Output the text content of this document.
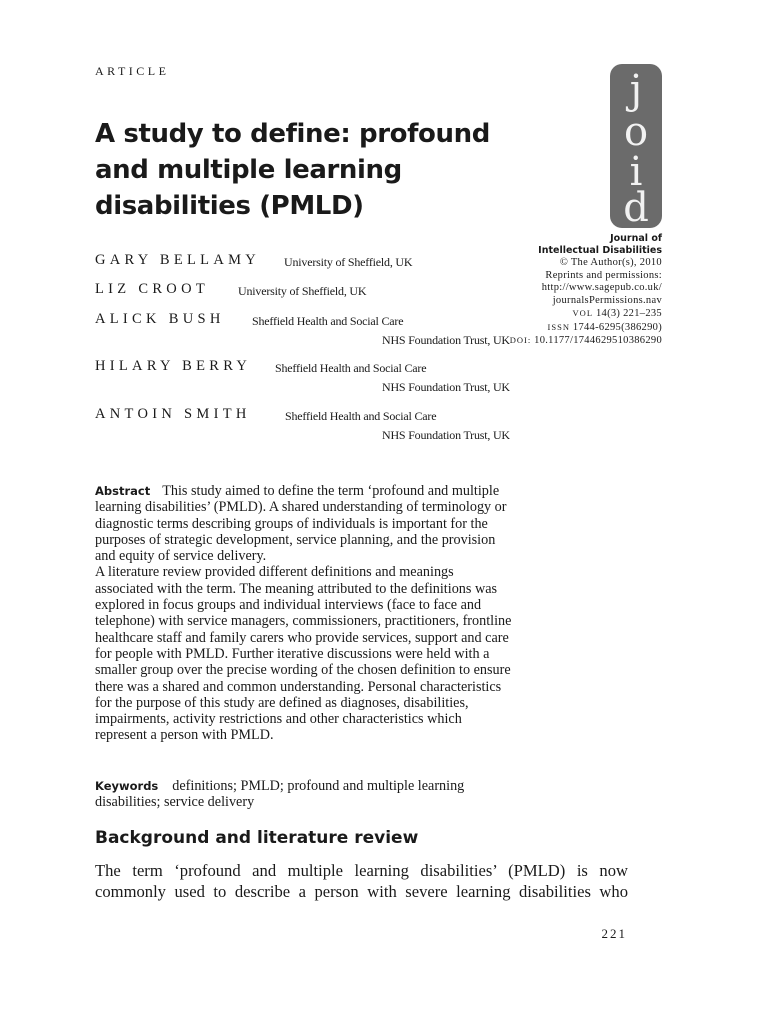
ARTICLE
A study to define: profound
and multiple learning
disabilities (PMLD)
j
o
i
d
Journal of
Intellectual Disabilities
© The Author(s), 2010
Reprints and permissions:
http://www.sagepub.co.uk/
journalsPermissions.nav
VOL 14(3) 221–235
ISSN 1744-6295(386290)
DOI: 10.1177/1744629510386290
GARY BELLAMY University of Sheffield, UK
LIZ CROOT University of Sheffield, UK
ALICK BUSH Sheffield Health and Social Care
NHS Foundation Trust, UK
HILARY BERRY Sheffield Health and Social Care
NHS Foundation Trust, UK
ANTOIN SMITH	Sheffield Health and Social Care
NHS Foundation Trust, UK

Abstract This study aimed to define the term ‘profound and multiple learning disabilities’ (PMLD). A shared understanding of terminology or diagnostic terms describing groups of individuals is important for the purposes of strategic development, service planning, and the provision and equity of service delivery.

A literature review provided different definitions and meanings associated with the term. The meaning attributed to the definitions was explored in focus groups and individual interviews (face to face and telephone) with service managers, commissioners, practitioners, frontline healthcare staff and family carers who provide services, support and care for people with PMLD. Further iterative discussions were held with a smaller group over the precise wording of the chosen definition to ensure there was a shared and common understanding. Personal characteristics for the purpose of this study are defined as diagnoses, disabilities, impairments, activity restrictions and other characteristics which represent a person with PMLD.

Keywords definitions; PMLD; profound and multiple learning disabilities; service delivery
Background and literature review
The term ‘profound and multiple learning disabilities’ (PMLD) is now
commonly used to describe a person with severe learning disabilities who
221
